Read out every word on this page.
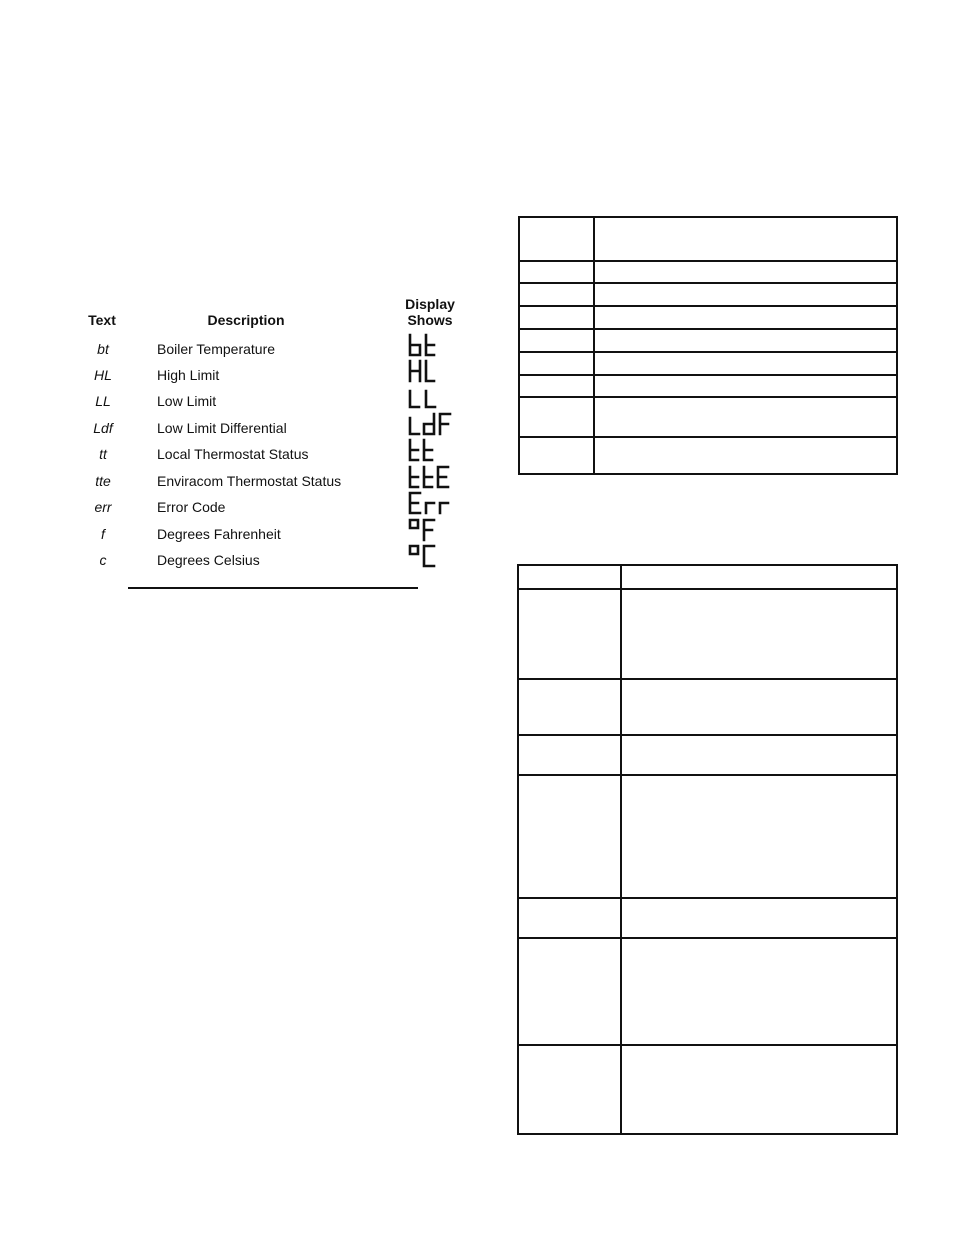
Text	Description
Display
Shows
bt	Boiler Temperature
HL	High Limit
LL	Low Limit
Ldf	Low Limit Differential
tt	Local Thermostat Status
tte	Enviracom Thermostat Status
err	Error Code
f	Degrees Fahrenheit
c	Degrees Celsius
